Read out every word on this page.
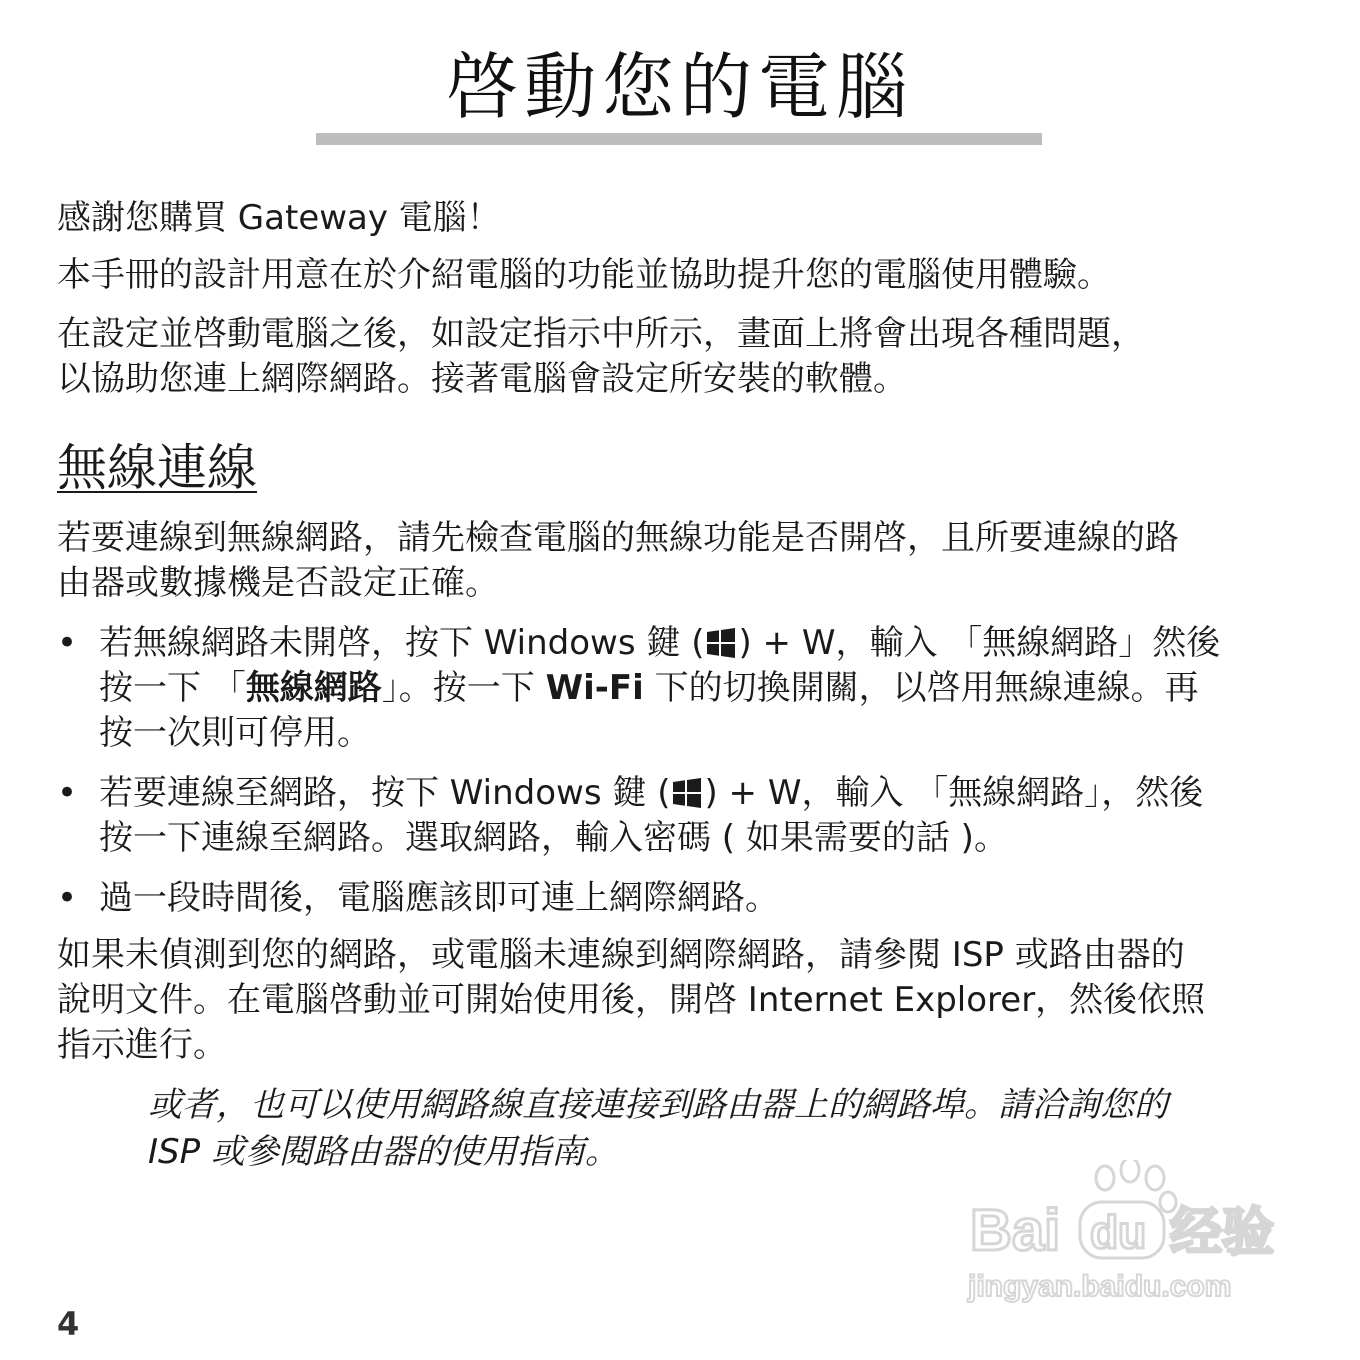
啓動您的電腦

感謝您購買 Gateway 電腦！

本手冊的設計用意在於介紹電腦的功能並協助提升您的電腦使用體驗。

在設定並啓動電腦之後，如設定指示中所示，畫面上將會出現各種問題，
以協助您連上網際網路。接著電腦會設定所安裝的軟體。

無線連線

若要連線到無線網路，請先檢查電腦的無線功能是否開啓，且所要連線的路
由器或數據機是否設定正確。

• 若無線網路未開啓，按下 Windows 鍵 ( ) + W，輸入 「無線網路」然後
按一下 「無線網路」。按一下 Wi-Fi 下的切換開關，以啓用無線連線。再
按一次則可停用。
• 若要連線至網路，按下 Windows 鍵 ( ) + W，輸入 「無線網路」，然後
按一下連線至網路。選取網路，輸入密碼 ( 如果需要的話 )。
• 過一段時間後，電腦應該即可連上網際網路。

如果未偵測到您的網路，或電腦未連線到網際網路，請參閱 ISP 或路由器的
說明文件。在電腦啓動並可開始使用後，開啓 Internet Explorer，然後依照
指示進行。

或者，也可以使用網路線直接連接到路由器上的網路埠。請洽詢您的
ISP 或參閱路由器的使用指南。

4
Bai du 经验
jingyan.baidu.com
